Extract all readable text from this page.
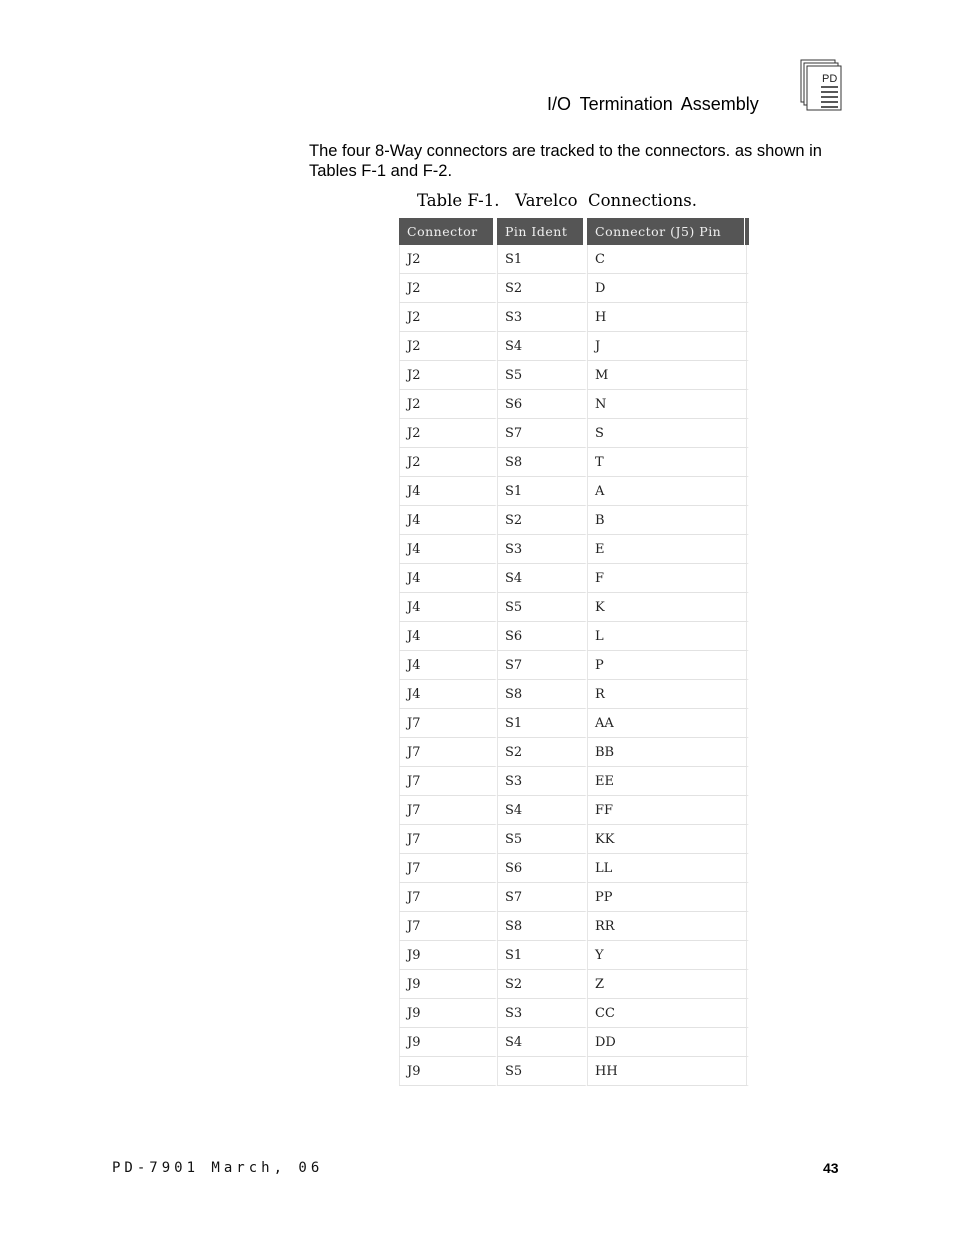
I/O Termination Assembly
PD
The four 8-Way connectors are tracked to the connectors. as shown in Tables F-1 and F-2.
Table F-1.   Varelco  Connections.
Connector	Pin Ident	Connector (J5) Pin
J2	S1	C
J2	S2	D
J2	S3	H
J2	S4	J
J2	S5	M
J2	S6	N
J2	S7	S
J2	S8	T
J4	S1	A
J4	S2	B
J4	S3	E
J4	S4	F
J4	S5	K
J4	S6	L
J4	S7	P
J4	S8	R
J7	S1	AA
J7	S2	BB
J7	S3	EE
J7	S4	FF
J7	S5	KK
J7	S6	LL
J7	S7	PP
J7	S8	RR
J9	S1	Y
J9	S2	Z
J9	S3	CC
J9	S4	DD
J9	S5	HH
PD-7901 March, 06	43
